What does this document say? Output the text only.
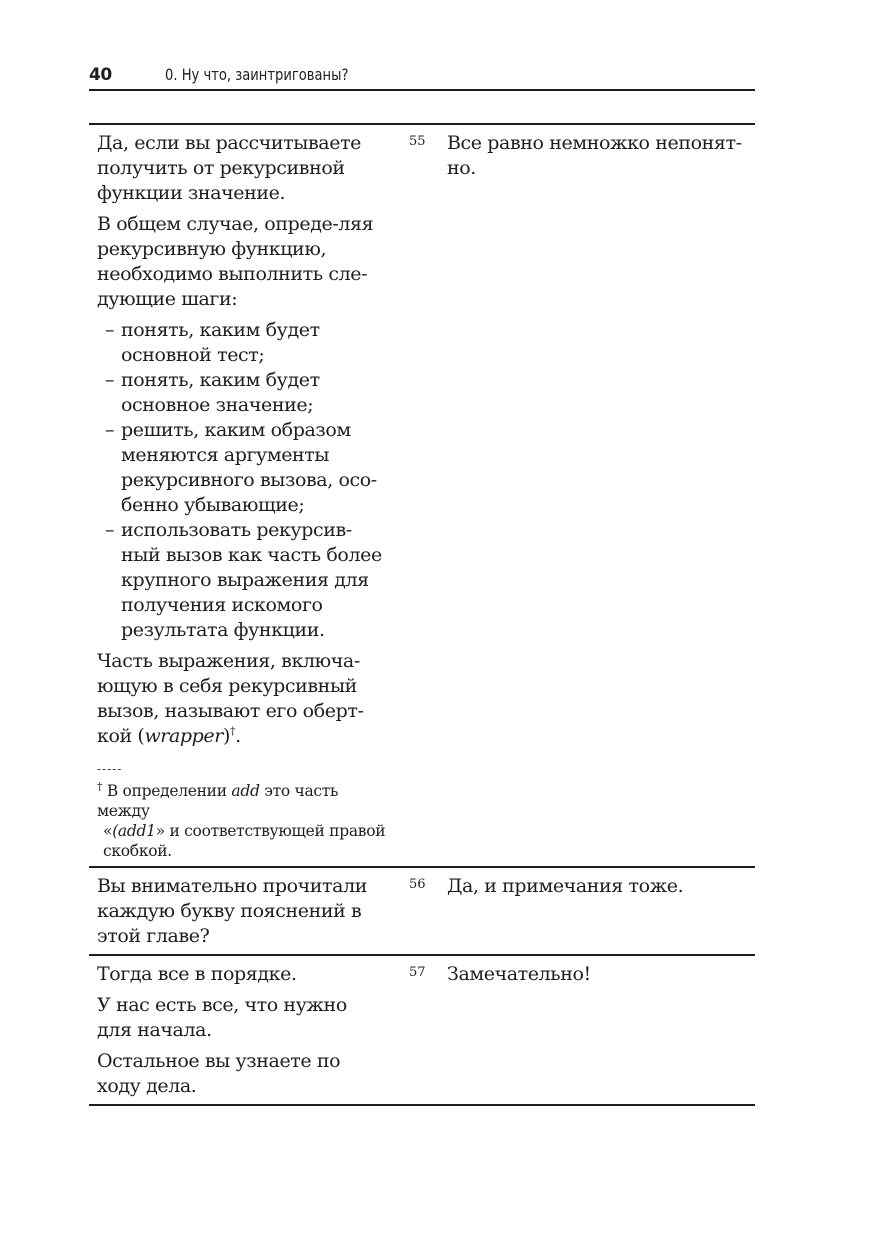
40	0. Ну что, заинтригованы?

Да, если вы рассчитываете получить от рекурсивной функции значение.

В общем случае, опреде-ляя рекурсивную функцию, необходимо выполнить сле-дующие шаги:

– понять, каким будет основной тест;
– понять, каким будет основное значение;
– решить, каким образом меняются аргументы рекурсивного вызова, осо-бенно убывающие;
– использовать рекурсив-ный вызов как часть более крупного выражения для получения искомого результата функции.

Часть выражения, включа-ющую в себя рекурсивный вызов, называют его оберт-кой (wrapper)†.

-----
† В определении add это часть между
«(add1» и соответствующей правой скобкой.
55 Все равно немножко непонят-но.

Вы внимательно прочитали каждую букву пояснений в этой главе?

56 Да, и примечания тоже.

Тогда все в порядке.

У нас есть все, что нужно для начала.

Остальное вы узнаете по ходу дела.

57 Замечательно!
